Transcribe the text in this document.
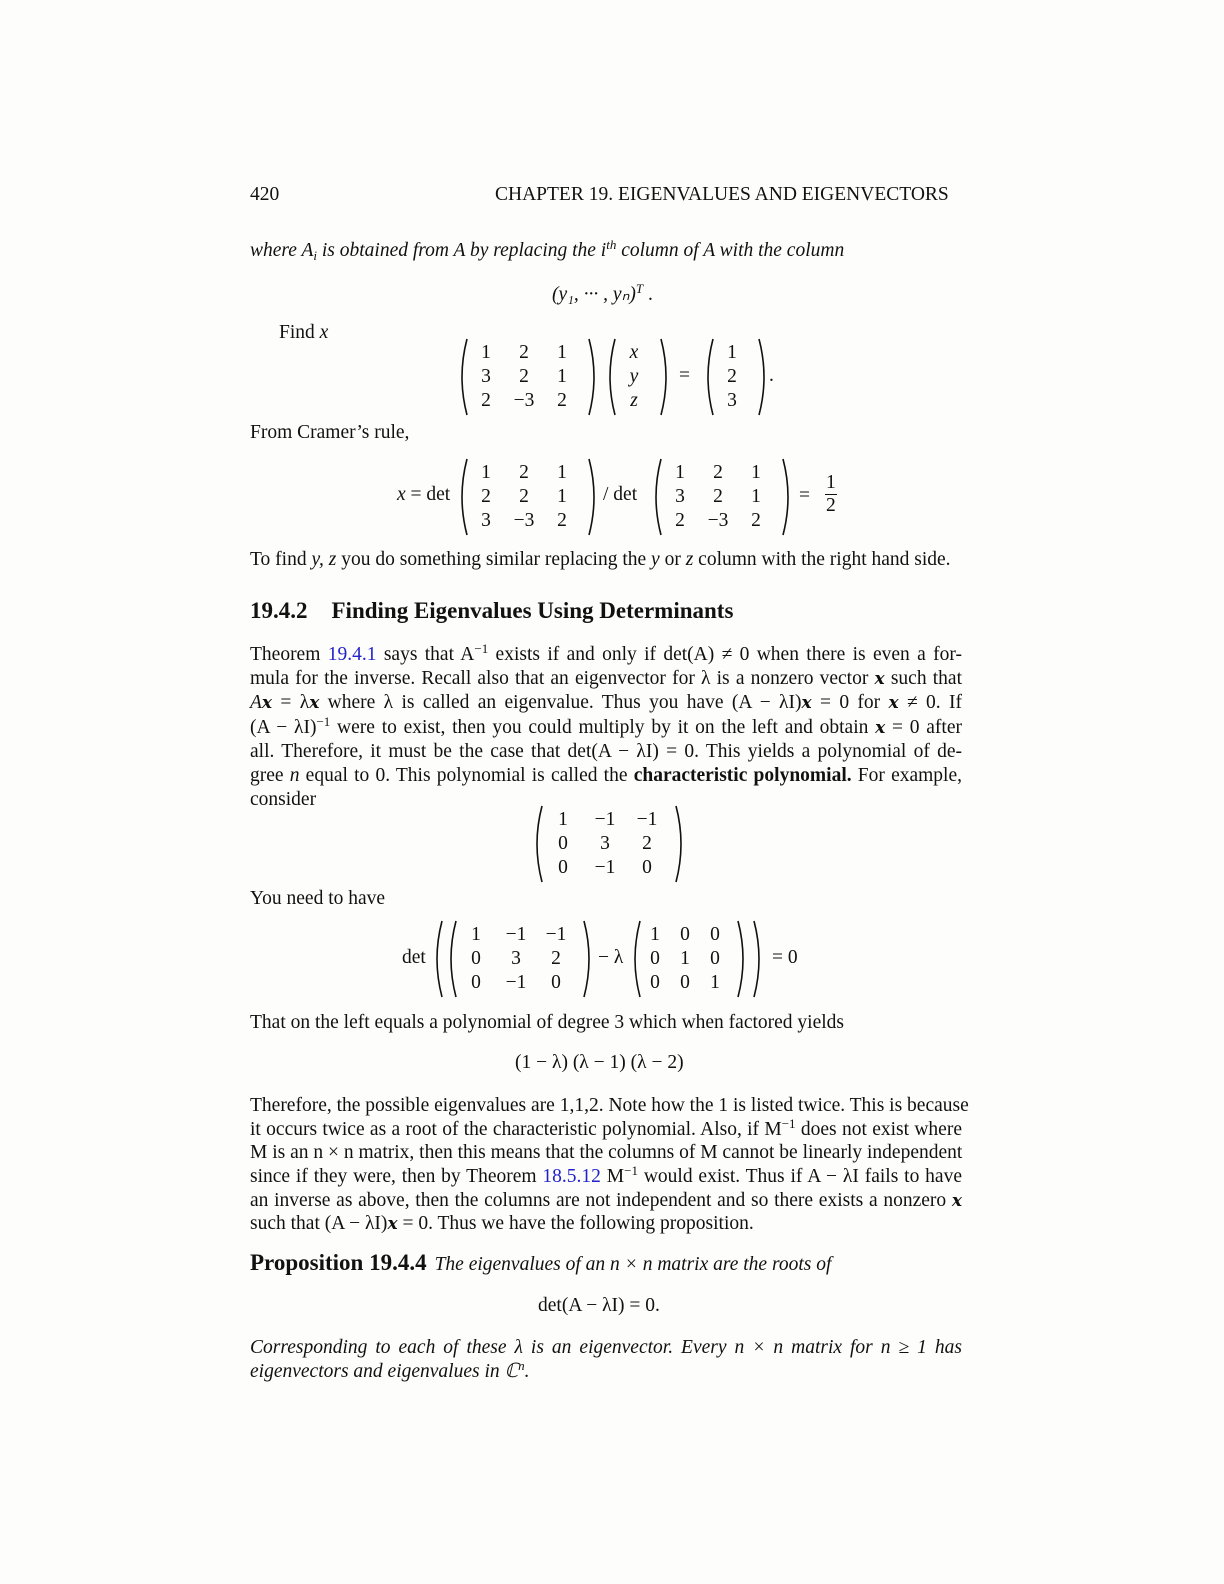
420	CHAPTER 19. EIGENVALUES AND EIGENVECTORS
where $A_i$ is obtained from A by replacing the $i^{th}$ column of A with the column
(y₁, ··· , yₙ)$^T$ .
Find x
1	2	1
3	2	1
2	−3	2
x
y
z
=
1
2
3
.
From Cramer’s rule,
x = det
1	2	1
2	2	1
3	−3	2
/ det
1	2	1
3	2	1
2	−3	2
= $\frac{1}{2}$
To find y, z you do something similar replacing the y or z column with the right hand side.
19.4.2 Finding Eigenvalues Using Determinants
Theorem 19.4.1 says that $A^{-1}$ exists if and only if det(A) ≠ 0 when there is even a for-
mula for the inverse. Recall also that an eigenvector for λ is a nonzero vector x such that
Ax = λx where λ is called an eigenvalue. Thus you have (A − λI)x = 0 for x ≠ 0. If
$(A - \lambda I)^{-1}$ were to exist, then you could multiply by it on the left and obtain x = 0 after
all. Therefore, it must be the case that det(A − λI) = 0. This yields a polynomial of de-
gree n equal to 0. This polynomial is called the characteristic polynomial. For example,
consider
1	−1	−1
0	3	2
0	−1	0
You need to have
det
1	−1 −1
0	3	2
0	−1	0
− λ
1	0	0
0	1	0
0	0	1
= 0
That on the left equals a polynomial of degree 3 which when factored yields
(1 − λ) (λ − 1) (λ − 2)
Therefore, the possible eigenvalues are 1,1,2. Note how the 1 is listed twice. This is because
it occurs twice as a root of the characteristic polynomial. Also, if $M^{-1}$ does not exist where
M is an n × n matrix, then this means that the columns of M cannot be linearly independent
since if they were, then by Theorem 18.5.12 $M^{-1}$ would exist. Thus if A − λI fails to have
an inverse as above, then the columns are not independent and so there exists a nonzero x
such that (A − λI)x = 0. Thus we have the following proposition.
Proposition 19.4.4 The eigenvalues of an n × n matrix are the roots of
det(A − λI) = 0.
Corresponding to each of these λ is an eigenvector. Every n × n matrix for n ≥ 1 has
eigenvectors and eigenvalues in ℂ$^n$.
